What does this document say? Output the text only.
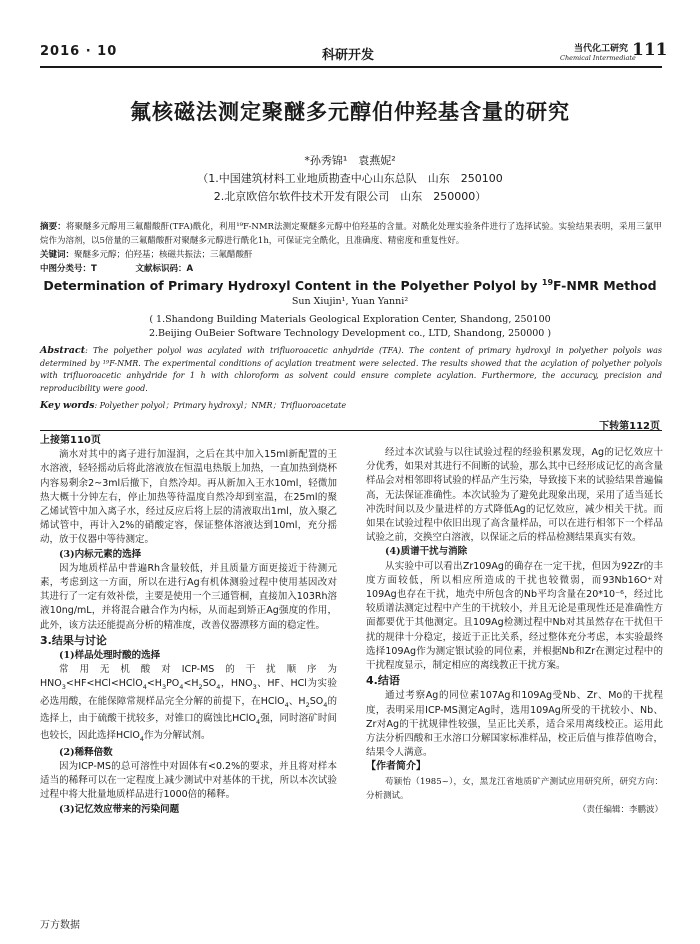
2016 · 10	科研开发	当代化工研究
Chemical Intermediate
111
氟核磁法测定聚醚多元醇伯仲羟基含量的研究
*孙秀锦¹　袁燕妮²
（1.中国建筑材料工业地质勘查中心山东总队　山东　250100
2.北京欧倍尔软件技术开发有限公司　山东　250000）
摘要：将聚醚多元醇用三氟醋酸酐(TFA)酰化，利用¹⁹F-NMR法测定聚醚多元醇中伯羟基的含量。对酰化处理实验条件进行了选择试验。实验结果表明，采用三氯甲烷作为溶剂，以5倍量的三氟醋酸酐对聚醚多元醇进行酰化1h，可保证完全酰化，且准确度、精密度和重复性好。
关键词：聚醚多元醇；伯羟基；核磁共振法；三氟醋酸酐
中图分类号：T	文献标识码：A
Determination of Primary Hydroxyl Content in the Polyether Polyol by $^{19}$F-NMR Method
Sun Xiujin¹, Yuan Yanni²
( 1.Shandong Building Materials Geological Exploration Center, Shandong, 250100
2.Beijing OuBeier Software Technology Development co., LTD, Shandong, 250000 )
Abstract: The polyether polyol was acylated with trifluoroacetic anhydride (TFA). The content of primary hydroxyl in polyether polyols was determined by ¹⁹F-NMR. The experimental conditions of acylation treatment were selected. The results showed that the acylation of polyether polyols with trifluoroacetic anhydride for 1 h with chloroform as solvent could ensure complete acylation. Furthermore, the accuracy, precision and reproducibility were good.
Key words: Polyether polyol；Primary hydroxyl；NMR；Trifluoroacetate
下转第112页

上接第110页

滴水对其中的离子进行加湿润，之后在其中加入15ml新配置的王水溶液，轻轻摇动后将此溶液放在恒温电热版上加热，一直加热到烧杯内容易剩余2~3ml后撤下，自然冷却。再从新加入王水10ml，轻微加热大概十分钟左右，停止加热等待温度自然冷却到室温，在25ml的聚乙烯试管中加入离子水，经过反应后将上层的清液取出1ml，放入聚乙烯试管中，再计入2%的硝酸定容，保证整体溶液达到10ml，充分摇动，放于仪器中等待测定。

(3)内标元素的选择

因为地质样品中普遍Rh含量较低，并且质量方面更接近于待测元素，考虑到这一方面，所以在进行Ag有机体测验过程中使用基因改对其进行了一定有效补偿，主要是使用一个三通管桐，直接加入103Rh溶液10ng/mL，并将混合融合作为内标，从而起到矫正Ag强度的作用，此外，该方法还能提高分析的精准度，改善仪器漂移方面的稳定性。

3.结果与讨论

(1)样品处理时酸的选择

常用无机酸对ICP-MS的干扰顺序为$HNO_3<HF<HCl<HClO_4<H_3PO_4<H_2SO_4$，$HNO_3$、HF、HCl为实验必选用酸，在能保障常规样品完全分解的前提下，在HClO$_4$、$H_2SO_4$的选择上，由于硫酸干扰较多，对锥口的腐蚀比HClO$_4$强，同时溶矿时间也较长，因此选择HClO$_4$作为分解试剂。

(2)稀释倍数

因为ICP-MS的总可溶性中对固体有<0.2%的要求，并且将对样本适当的稀释可以在一定程度上减少测试中对基体的干扰，所以本次试验过程中将大批量地质样品进行1000倍的稀释。

(3)记忆效应带来的污染问题

经过本次试验与以往试验过程的经验积累发现，Ag的记忆效应十分优秀，如果对其进行不间断的试验，那么其中已经形成记忆的高含量样品会对相邻即将试验的样品产生污染，导致接下来的试验结果普遍偏高，无法保证准确性。本次试验为了避免此现象出现，采用了适当延长冲洗时间以及少量进样的方式降低Ag的记忆效应，减少相关干扰。而如果在试验过程中依旧出现了高含量样品，可以在进行相邻下一个样品试验之前，交换空白溶液，以保证之后的样品检测结果真实有效。

(4)质谱干扰与消除

从实验中可以看出Zr109Ag的确存在一定干扰，但因为92Zr的丰度方面较低，所以相应所造成的干扰也较微弱，而93Nb16O⁺对109Ag也存在干扰，地壳中所包含的Nb平均含量在20*10⁻⁶，经过比较质谱法测定过程中产生的干扰较小，并且无论是重现性还是准确性方面都要优于其他测定。且109Ag检测过程中Nb对其虽然存在干扰但干扰的规律十分稳定，接近于正比关系，经过整体充分考虑，本实验最终选择109Ag作为测定银试验的同位素，并根据Nb和Zr在测定过程中的干扰程度显示，制定相应的离线教正干扰方案。

4.结语

通过考察Ag的同位素107Ag和109Ag受Nb、Zr、Mo的干扰程度，表明采用ICP-MS测定Ag时，选用109Ag所受的干扰较小、Nb、Zr对Ag的干扰规律性较强，呈正比关系，适合采用离线校正。运用此方法分析四酸和王水溶口分解国家标准样品，校正后值与推荐值吻合，结果令人满意。

【作者简介】

苟颖怡（1985~），女，黑龙江省地质矿产测试应用研究所，研究方向：分析测试。

（责任编辑：李鹏波）

万方数据
